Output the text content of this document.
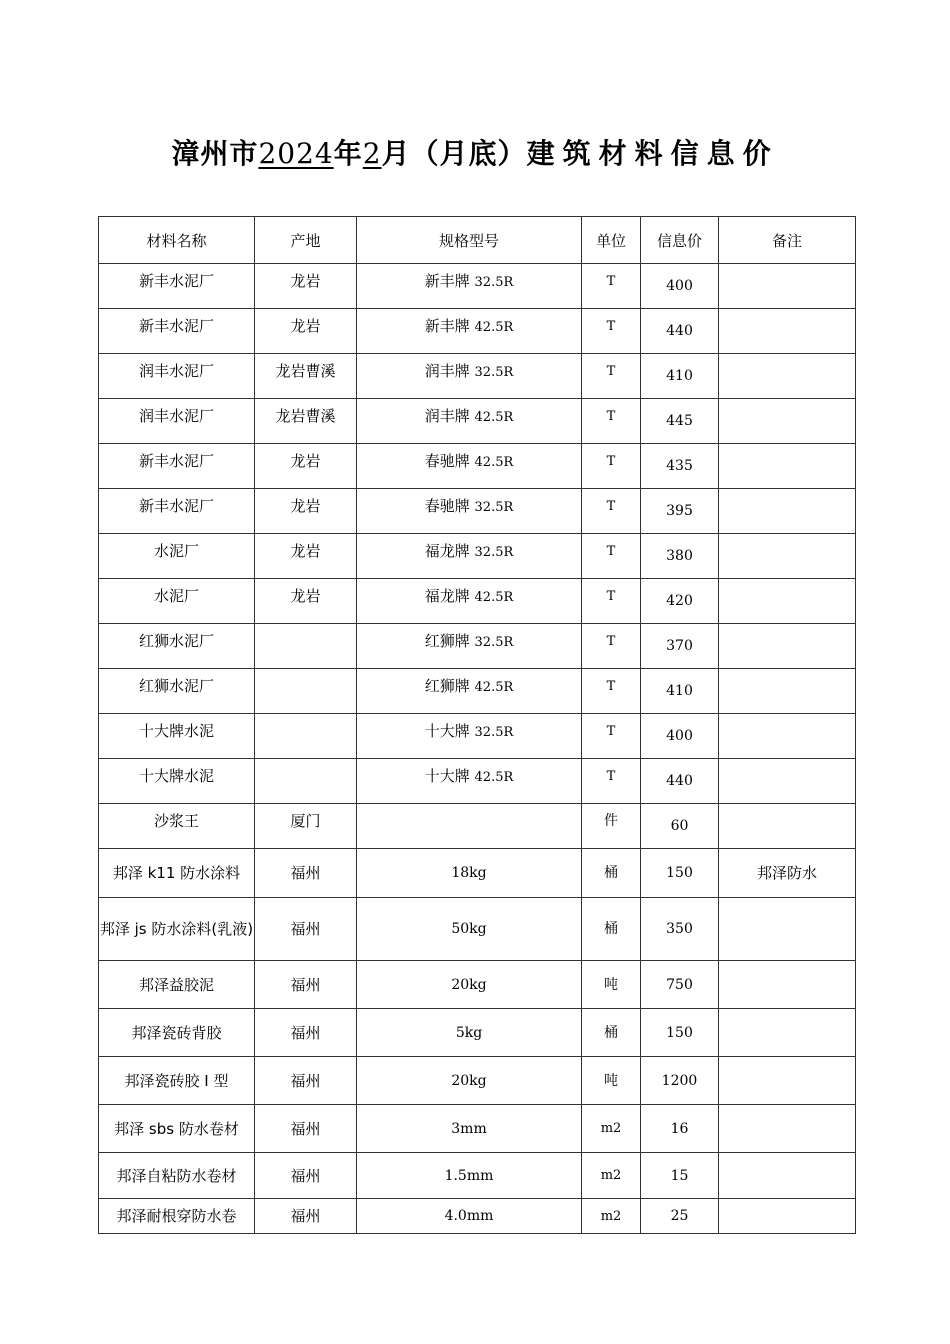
漳州市2024年2月（月底）建筑材料信息价
材料名称	产地	规格型号	单位	信息价	备注

新丰水泥厂	龙岩	新丰牌 32.5R	T	400	

新丰水泥厂	龙岩	新丰牌 42.5R	T	440	

润丰水泥厂	龙岩曹溪	润丰牌 32.5R	T	410	

润丰水泥厂	龙岩曹溪	润丰牌 42.5R	T	445	

新丰水泥厂	龙岩	春驰牌 42.5R	T	435	

新丰水泥厂	龙岩	春驰牌 32.5R	T	395	

水泥厂	龙岩	福龙牌 32.5R	T	380	

水泥厂	龙岩	福龙牌 42.5R	T	420	

红狮水泥厂		红狮牌 32.5R	T	370	

红狮水泥厂		红狮牌 42.5R	T	410	

十大牌水泥		十大牌 32.5R	T	400	

十大牌水泥		十大牌 42.5R	T	440	

沙浆王	厦门		件	60	

邦泽 k11 防水涂料	福州	18kg	桶	150	邦泽防水

邦泽 js 防水涂料(乳液)	福州	50kg	桶	350	

邦泽益胶泥	福州	20kg	吨	750	

邦泽瓷砖背胶	福州	5kg	桶	150	

邦泽瓷砖胶 I 型	福州	20kg	吨	1200	

邦泽 sbs 防水卷材	福州	3mm	m2	16	

邦泽自粘防水卷材	福州	1.5mm	m2	15	

邦泽耐根穿防水卷	福州	4.0mm	m2	25	
